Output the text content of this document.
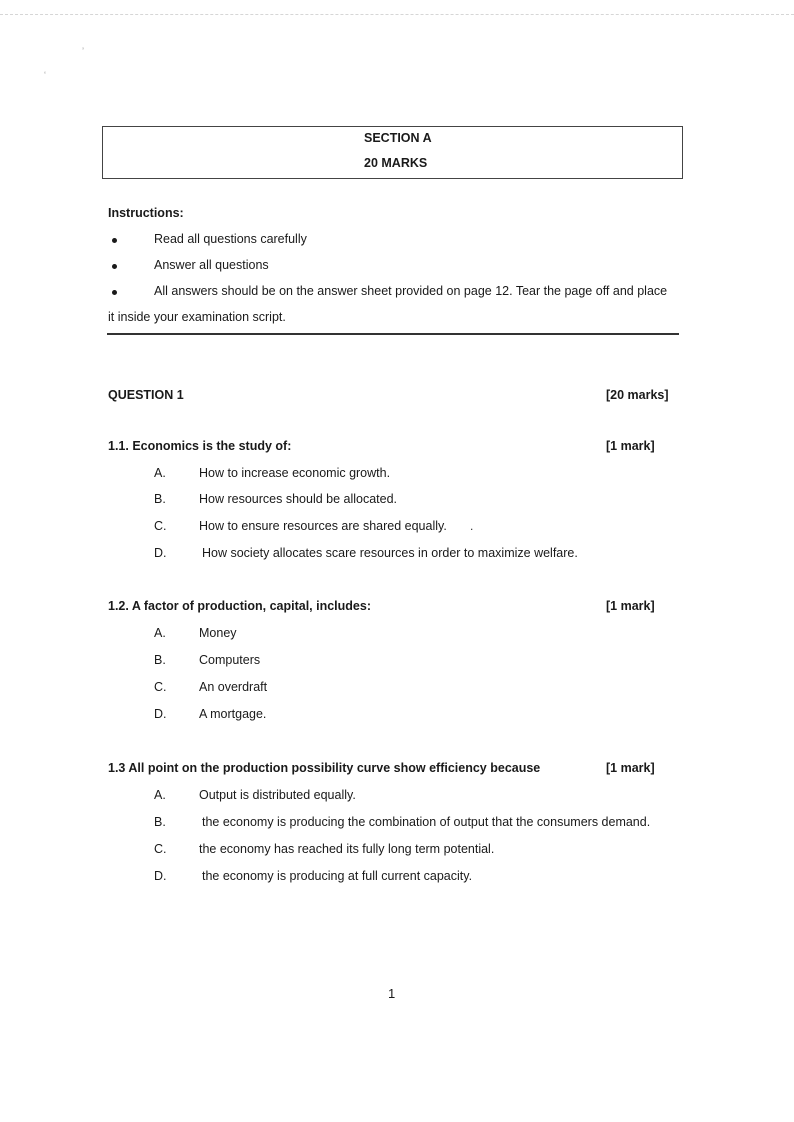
’
‘
SECTION A
20 MARKS
Instructions:
Read all questions carefully
Answer all questions
All answers should be on the answer sheet provided on page 12. Tear the page off and place
it inside your examination script.
QUESTION 1	[20 marks]
1.1. Economics is the study of:	[1 mark]
A.	How to increase economic growth.
B.	How resources should be allocated.
C.	How to ensure resources are shared equally. .
D.	How society allocates scare resources in order to maximize welfare.
1.2. A factor of production, capital, includes:	[1 mark]
A.	Money
B.	Computers
C.	An overdraft
D.	A mortgage.
1.3 All point on the production possibility curve show efficiency because	[1 mark]
A.	Output is distributed equally.
B.	the economy is producing the combination of output that the consumers demand.
C.	the economy has reached its fully long term potential.
D.	the economy is producing at full current capacity.
1
